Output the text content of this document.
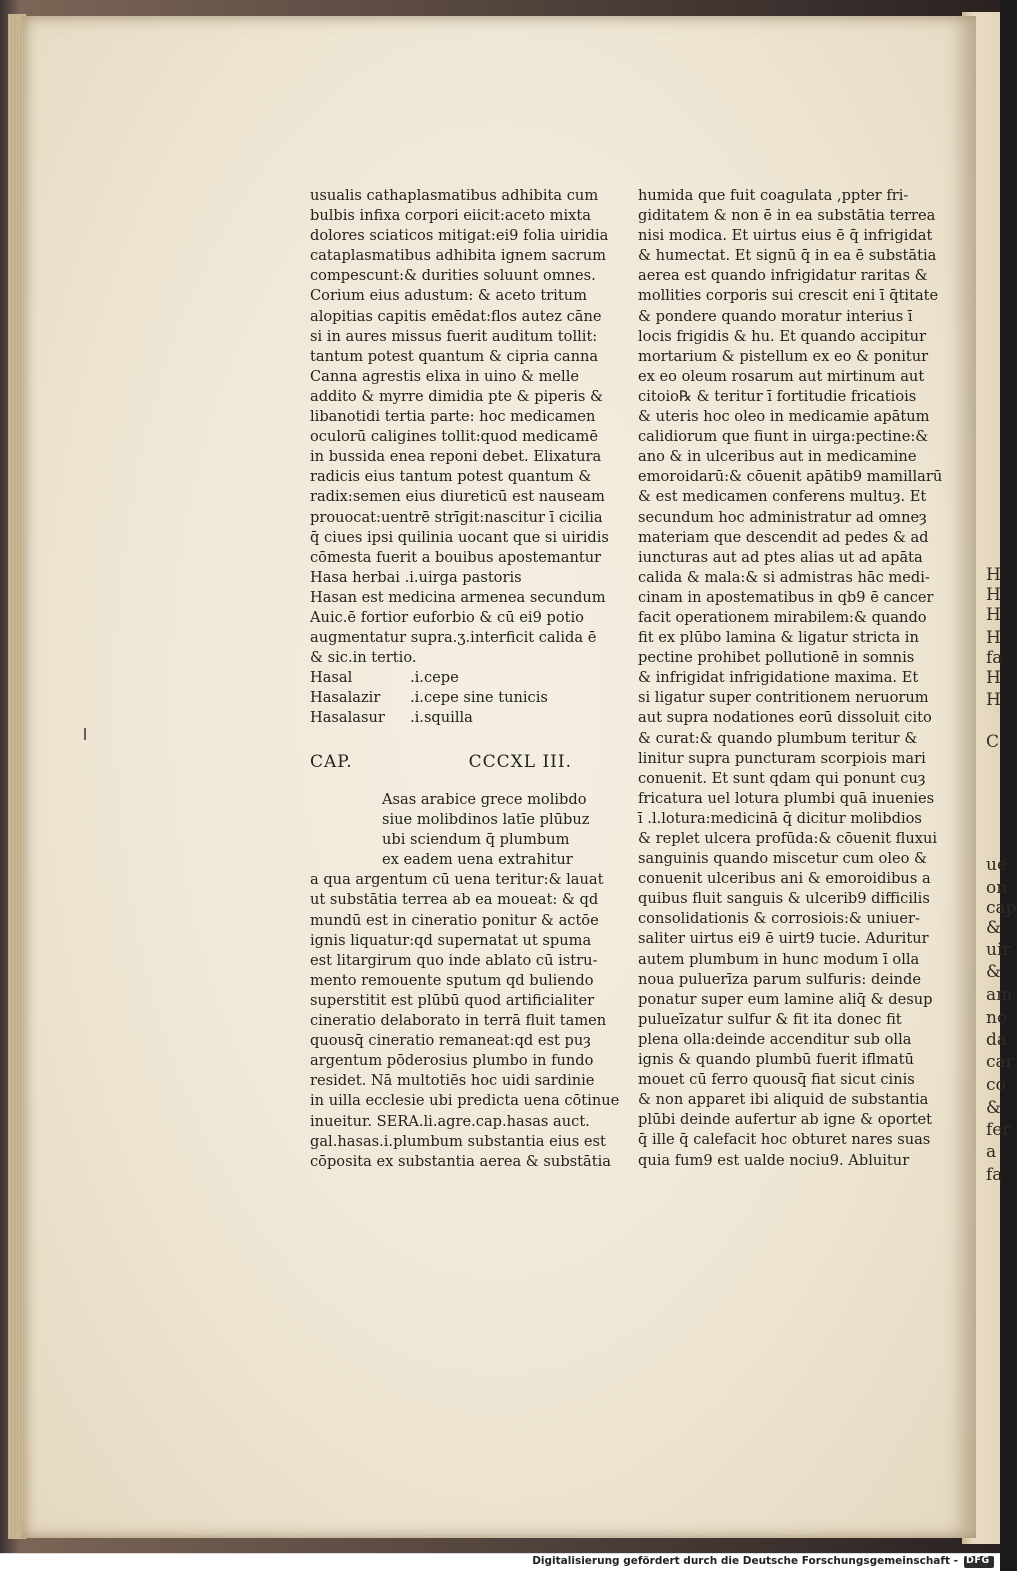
H
H
H
H
fa
H
H
C
ue
on
cap
&
uir
&
am
no
da
car
co
&
fer
a
fa
usualis cathaplasmatibus adhibita cum
bulbis infixa corpori eiicit:aceto mixta
dolores sciaticos mitigat:ei9 folia uiridia
cataplasmatibus adhibita ignem sacrum
compescunt:& durities soluunt omnes.
Corium eius adustum: & aceto tritum
alopitias capitis emēdat:flos autez cāne
si in aures missus fuerit auditum tollit:
tantum potest quantum & cipria canna
Canna agrestis elixa in uino & melle
addito & myrre dimidia pte & piperis &
libanotidi tertia parte: hoc medicamen
oculorū caligines tollit:quod medicamē
in bussida enea reponi debet. Elixatura
radicis eius tantum potest quantum &
radix:semen eius diureticū est nauseam
prouocat:uentrē strīgit:nascitur ī cicilia
q̄ ciues ipsi quilinia uocant que si uiridis
cōmesta fuerit a bouibus apostemantur
Hasa herbai .i.uirga pastoris
Hasan est medicina armenea secundum
Auic.ē fortior euforbio & cū ei9 potio
augmentatur supra.ʒ.interficit calida ē
& sic.in tertio.
Hasal	.i.cepe
Hasalazir .i.cepe sine tunicis
Hasalasur .i.squilla
CAP.	CCCXL III.
Asas arabice grece molibdo
siue molibdinos latīe plūbuz
ubi sciendum q̄ plumbum
ex eadem uena extrahitur
a qua argentum cū uena teritur:& lauat
ut substātia terrea ab ea moueat: & qd
mundū est in cineratio ponitur & actōe
ignis liquatur:qd supernatat ut spuma
est litargirum quo inde ablato cū istru-
mento remouente sputum qd buliendo
superstitit est plūbū quod artificialiter
cineratio delaborato in terrā fluit tamen
quousq̄ cineratio remaneat:qd est puȝ
argentum pōderosius plumbo in fundo
residet. Nā multotiēs hoc uidi sardinie
in uilla ecclesie ubi predicta uena cōtinue
inueitur. SERA.li.agre.cap.hasas auct.
gal.hasas.i.plumbum substantia eius est
cōposita ex substantia aerea & substātia
humida que fuit coagulata ,ppter fri-
giditatem & non ē in ea substātia terrea
nisi modica. Et uirtus eius ē q̄ infrigidat
& humectat. Et signū q̄ in ea ē substātia
aerea est quando infrigidatur raritas &
mollities corporis sui crescit eni ī q̄titate
& pondere quando moratur interius ī
locis frigidis & hu. Et quando accipitur
mortarium & pistellum ex eo & ponitur
ex eo oleum rosarum aut mirtinum aut
citoio℞ & teritur ī fortitudie fricatiois
& uteris hoc oleo in medicamie apātum
calidiorum que fiunt in uirga:pectine:&
ano & in ulceribus aut in medicamine
emoroidarū:& cōuenit apātib9 mamillarū
& est medicamen conferens multuȝ. Et
secundum hoc administratur ad omneȝ
materiam que descendit ad pedes & ad
iuncturas aut ad ptes alias ut ad apāta
calida & mala:& si admistras hāc medi-
cinam in apostematibus in qb9 ē cancer
facit operationem mirabilem:& quando
fit ex plūbo lamina & ligatur stricta in
pectine prohibet pollutionē in somnis
& infrigidat infrigidatione maxima. Et
si ligatur super contritionem neruorum
aut supra nodationes eorū dissoluit cito
& curat:& quando plumbum teritur &
linitur supra puncturam scorpiois mari
conuenit. Et sunt qdam qui ponunt cuȝ
fricatura uel lotura plumbi quā inuenies
ī .l.lotura:medicinā q̄ dicitur molibdios
& replet ulcera profūda:& cōuenit fluxui
sanguinis quando miscetur cum oleo &
conuenit ulceribus ani & emoroidibus a
quibus fluit sanguis & ulcerib9 difficilis
consolidationis & corrosiois:& uniuer-
saliter uirtus ei9 ē uirt9 tucie. Aduritur
autem plumbum in hunc modum ī olla
noua puluerīza parum sulfuris: deinde
ponatur super eum lamine aliq̄ & desup
pulueīzatur sulfur & fit ita donec fit
plena olla:deinde accenditur sub olla
ignis & quando plumbū fuerit ifl̄matū
mouet cū ferro quousq̄ fiat sicut cinis
& non apparet ibi aliquid de substantia
plūbi deinde aufertur ab igne & oportet
q̄ ille q̄ calefacit hoc obturet nares suas
quia fum9 est ualde nociu9. Abluitur
Digitalisierung gefördert durch die Deutsche Forschungsgemeinschaft - DFG
